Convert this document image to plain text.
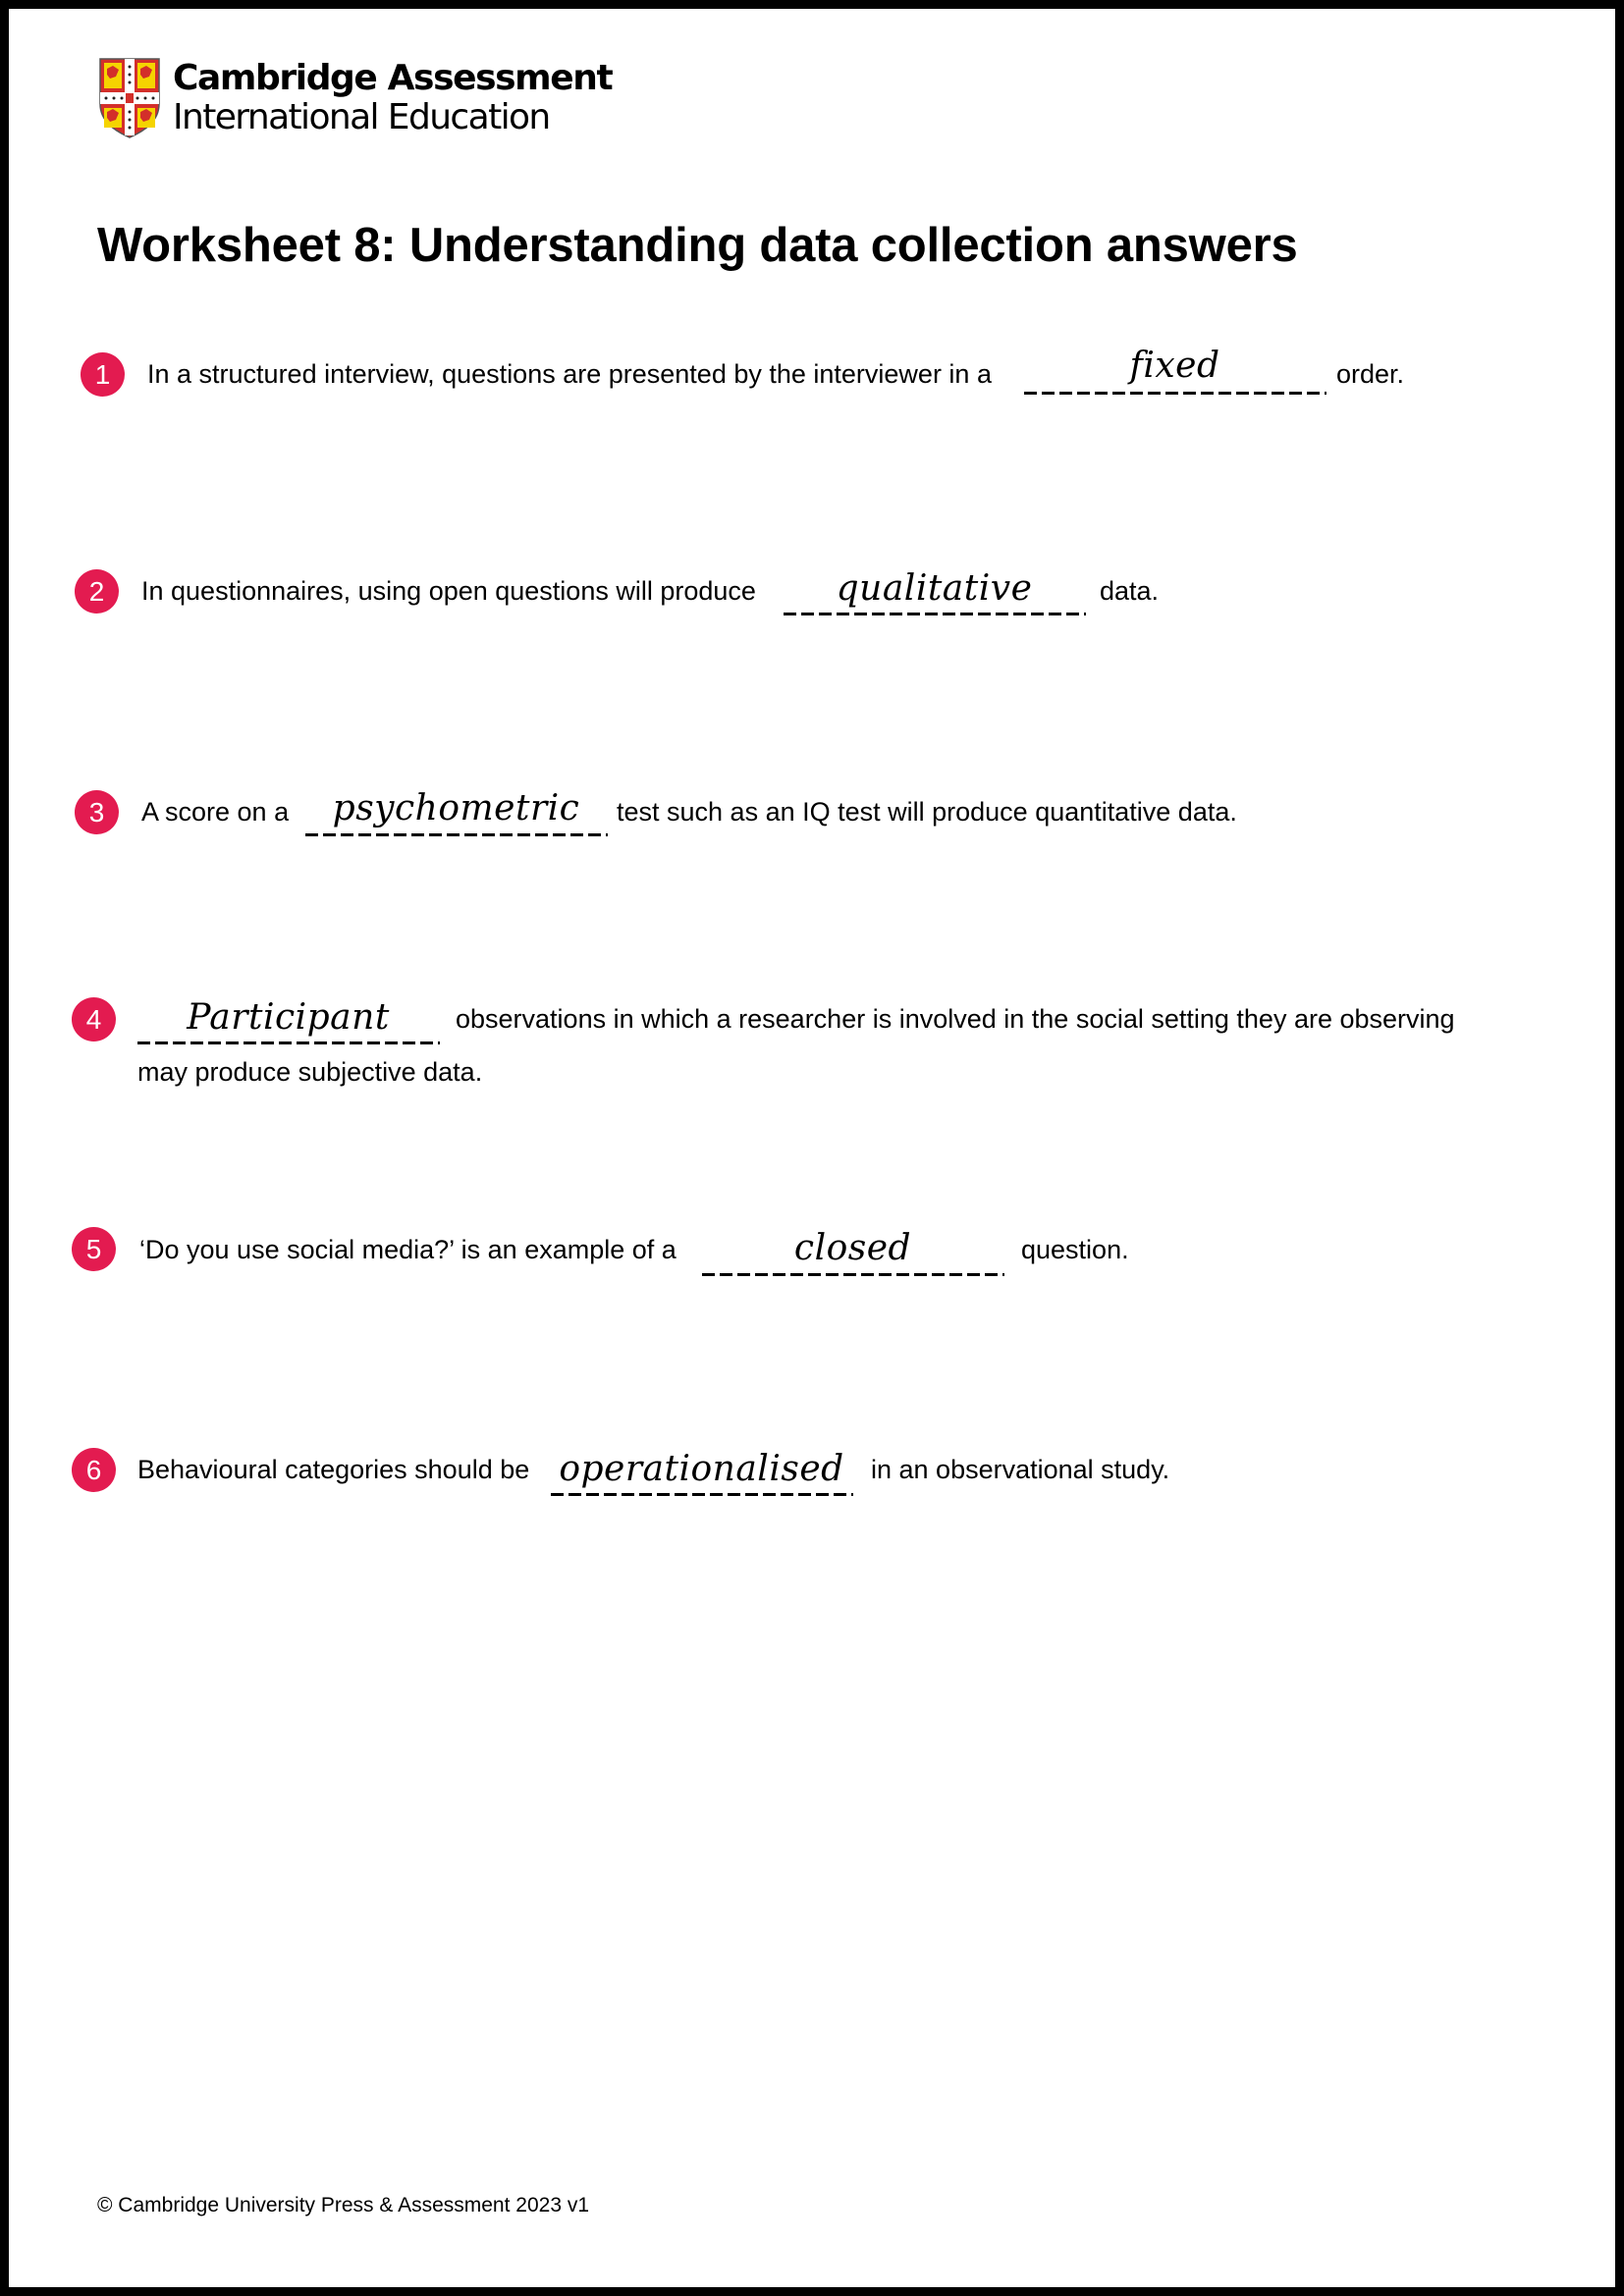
Cambridge Assessment
International Education
Worksheet 8: Understanding data collection answers
1	In a structured interview, questions are presented by the interviewer in a	fixed	order.
2	In questionnaires, using open questions will produce	qualitative	data.
3	A score on a	psychometric	test such as an IQ test will produce quantitative data.
4	Participant	observations in which a researcher is involved in the social setting they are observing
may produce subjective data.
5	‘Do you use social media?’ is an example of a	closed	question.
6	Behavioural categories should be operationalised	in an observational study.
© Cambridge University Press & Assessment 2023 v1
